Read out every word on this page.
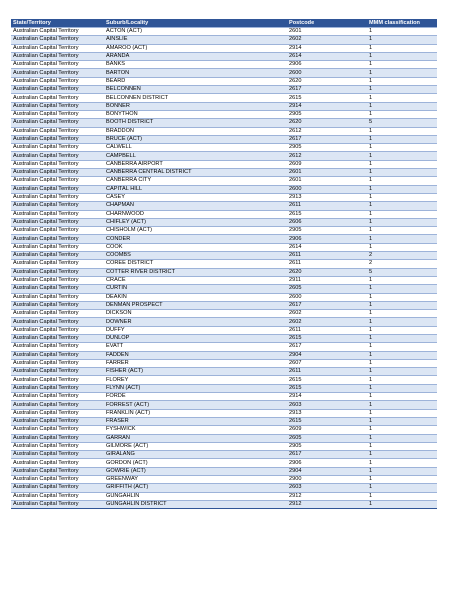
State/Territory	Suburb/Locality	Postcode	MMM classification
Australian Capital Territory	ACTON (ACT)	2601	1
Australian Capital Territory	AINSLIE	2602	1
Australian Capital Territory	AMAROO (ACT)	2914	1
Australian Capital Territory	ARANDA	2614	1
Australian Capital Territory	BANKS	2906	1
Australian Capital Territory	BARTON	2600	1
Australian Capital Territory	BEARD	2620	1
Australian Capital Territory	BELCONNEN	2617	1
Australian Capital Territory	BELCONNEN DISTRICT	2615	1
Australian Capital Territory	BONNER	2914	1
Australian Capital Territory	BONYTHON	2905	1
Australian Capital Territory	BOOTH DISTRICT	2620	5
Australian Capital Territory	BRADDON	2612	1
Australian Capital Territory	BRUCE (ACT)	2617	1
Australian Capital Territory	CALWELL	2905	1
Australian Capital Territory	CAMPBELL	2612	1
Australian Capital Territory	CANBERRA AIRPORT	2609	1
Australian Capital Territory	CANBERRA CENTRAL DISTRICT	2601	1
Australian Capital Territory	CANBERRA CITY	2601	1
Australian Capital Territory	CAPITAL HILL	2600	1
Australian Capital Territory	CASEY	2913	1
Australian Capital Territory	CHAPMAN	2611	1
Australian Capital Territory	CHARNWOOD	2615	1
Australian Capital Territory	CHIFLEY (ACT)	2606	1
Australian Capital Territory	CHISHOLM (ACT)	2905	1
Australian Capital Territory	CONDER	2906	1
Australian Capital Territory	COOK	2614	1
Australian Capital Territory	COOMBS	2611	2
Australian Capital Territory	COREE DISTRICT	2611	2
Australian Capital Territory	COTTER RIVER DISTRICT	2620	5
Australian Capital Territory	CRACE	2911	1
Australian Capital Territory	CURTIN	2605	1
Australian Capital Territory	DEAKIN	2600	1
Australian Capital Territory	DENMAN PROSPECT	2617	1
Australian Capital Territory	DICKSON	2602	1
Australian Capital Territory	DOWNER	2602	1
Australian Capital Territory	DUFFY	2611	1
Australian Capital Territory	DUNLOP	2615	1
Australian Capital Territory	EVATT	2617	1
Australian Capital Territory	FADDEN	2904	1
Australian Capital Territory	FARRER	2607	1
Australian Capital Territory	FISHER (ACT)	2611	1
Australian Capital Territory	FLOREY	2615	1
Australian Capital Territory	FLYNN (ACT)	2615	1
Australian Capital Territory	FORDE	2914	1
Australian Capital Territory	FORREST (ACT)	2603	1
Australian Capital Territory	FRANKLIN (ACT)	2913	1
Australian Capital Territory	FRASER	2615	1
Australian Capital Territory	FYSHWICK	2609	1
Australian Capital Territory	GARRAN	2605	1
Australian Capital Territory	GILMORE (ACT)	2905	1
Australian Capital Territory	GIRALANG	2617	1
Australian Capital Territory	GORDON (ACT)	2906	1
Australian Capital Territory	GOWRIE (ACT)	2904	1
Australian Capital Territory	GREENWAY	2900	1
Australian Capital Territory	GRIFFITH (ACT)	2603	1
Australian Capital Territory	GUNGAHLIN	2912	1
Australian Capital Territory	GUNGAHLIN DISTRICT	2912	1
